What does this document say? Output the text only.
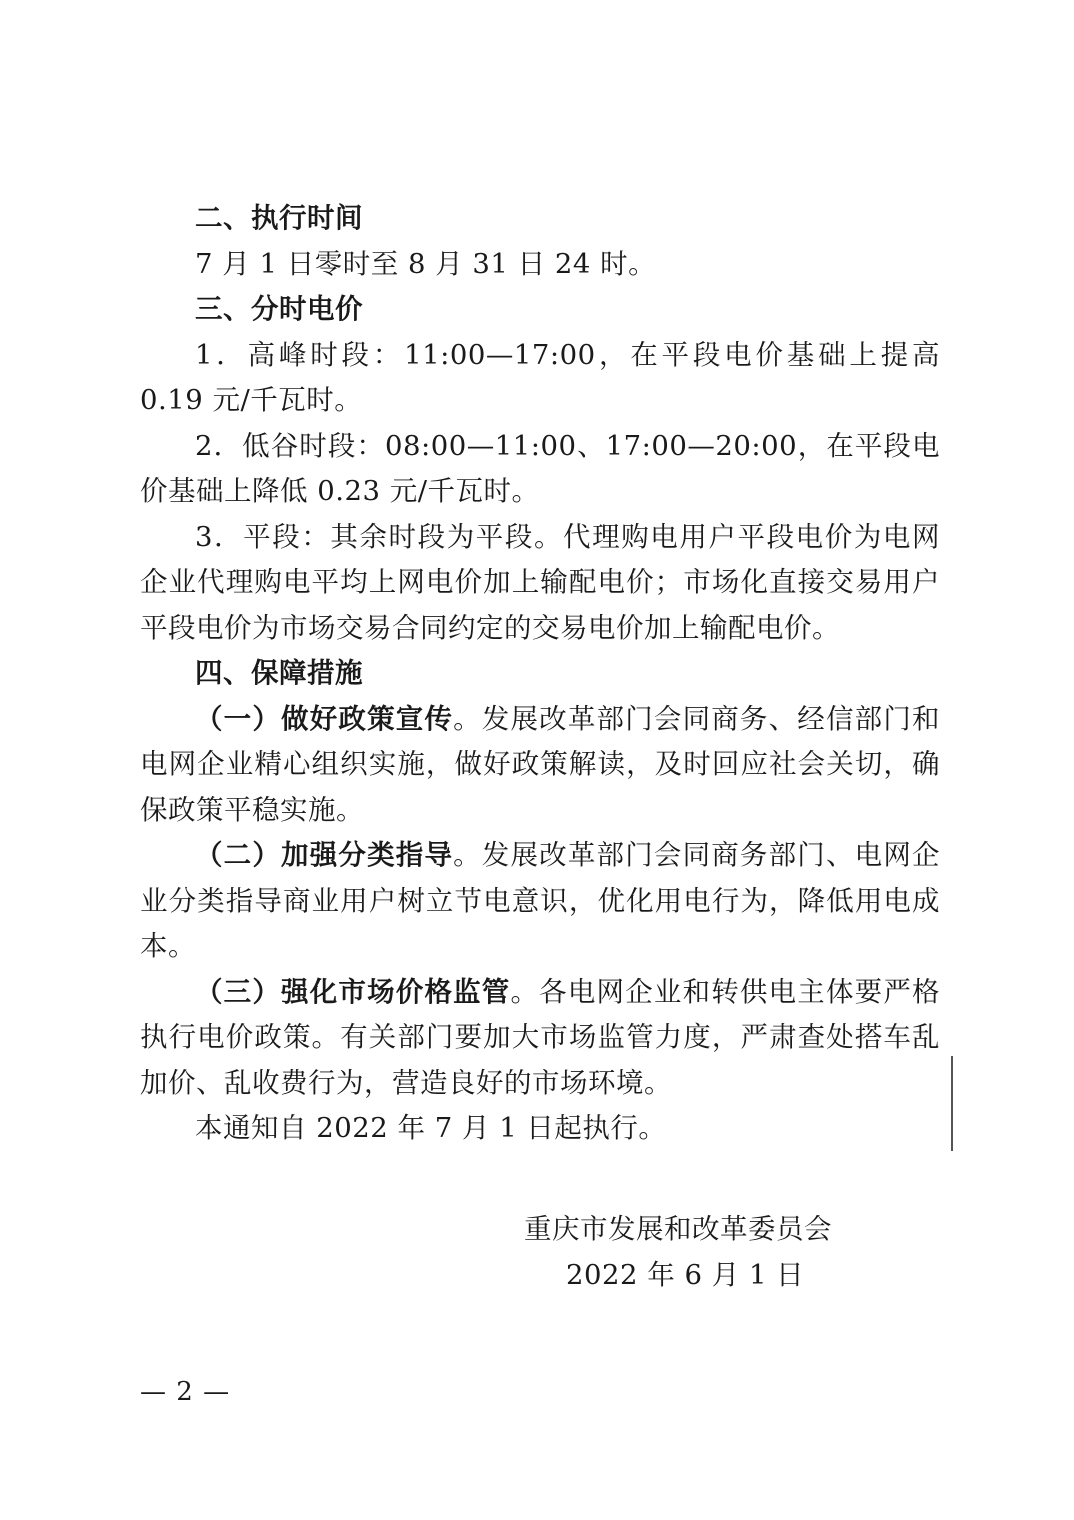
二、执行时间

7 月 1 日零时至 8 月 31 日 24 时。

三、分时电价

1．高峰时段：11:00—17:00，在平段电价基础上提高 0.19 元/千瓦时。

2．低谷时段：08:00—11:00、17:00—20:00，在平段电价基础上降低 0.23 元/千瓦时。

3．平段：其余时段为平段。代理购电用户平段电价为电网企业代理购电平均上网电价加上输配电价；市场化直接交易用户平段电价为市场交易合同约定的交易电价加上输配电价。

四、保障措施

（一）做好政策宣传。发展改革部门会同商务、经信部门和电网企业精心组织实施，做好政策解读，及时回应社会关切，确保政策平稳实施。

（二）加强分类指导。发展改革部门会同商务部门、电网企业分类指导商业用户树立节电意识，优化用电行为，降低用电成本。

（三）强化市场价格监管。各电网企业和转供电主体要严格执行电价政策。有关部门要加大市场监管力度，严肃查处搭车乱加价、乱收费行为，营造良好的市场环境。

本通知自 2022 年 7 月 1 日起执行。

重庆市发展和改革委员会

2022 年 6 月 1 日

— 2 —
